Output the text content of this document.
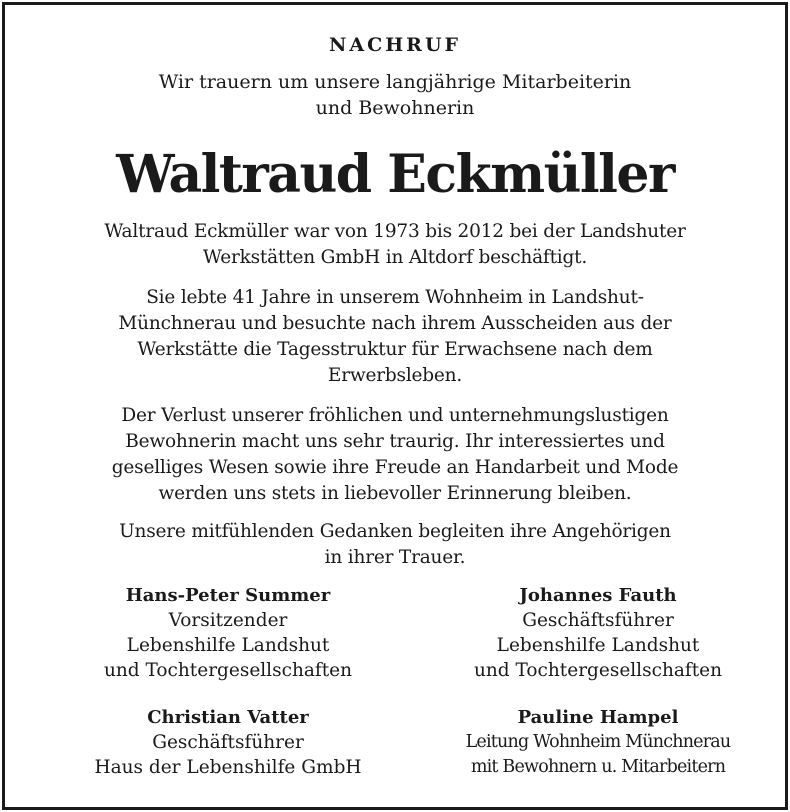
NACHRUF
Wir trauern um unsere langjährige Mitarbeiterin
und Bewohnerin
Waltraud Eckmüller
Waltraud Eckmüller war von 1973 bis 2012 bei der Landshuter
Werkstätten GmbH in Altdorf beschäftigt.
Sie lebte 41 Jahre in unserem Wohnheim in Landshut-
Münchnerau und besuchte nach ihrem Ausscheiden aus der
Werkstätte die Tagesstruktur für Erwachsene nach dem
Erwerbsleben.
Der Verlust unserer fröhlichen und unternehmungslustigen
Bewohnerin macht uns sehr traurig. Ihr interessiertes und
geselliges Wesen sowie ihre Freude an Handarbeit und Mode
werden uns stets in liebevoller Erinnerung bleiben.
Unsere mitfühlenden Gedanken begleiten ihre Angehörigen
in ihrer Trauer.
Hans-Peter Summer
Vorsitzender
Lebenshilfe Landshut
und Tochtergesellschaften
Johannes Fauth
Geschäftsführer
Lebenshilfe Landshut
und Tochtergesellschaften
Christian Vatter
Geschäftsführer
Haus der Lebenshilfe GmbH
Pauline Hampel
Leitung Wohnheim Münchnerau
mit Bewohnern u. Mitarbeitern
